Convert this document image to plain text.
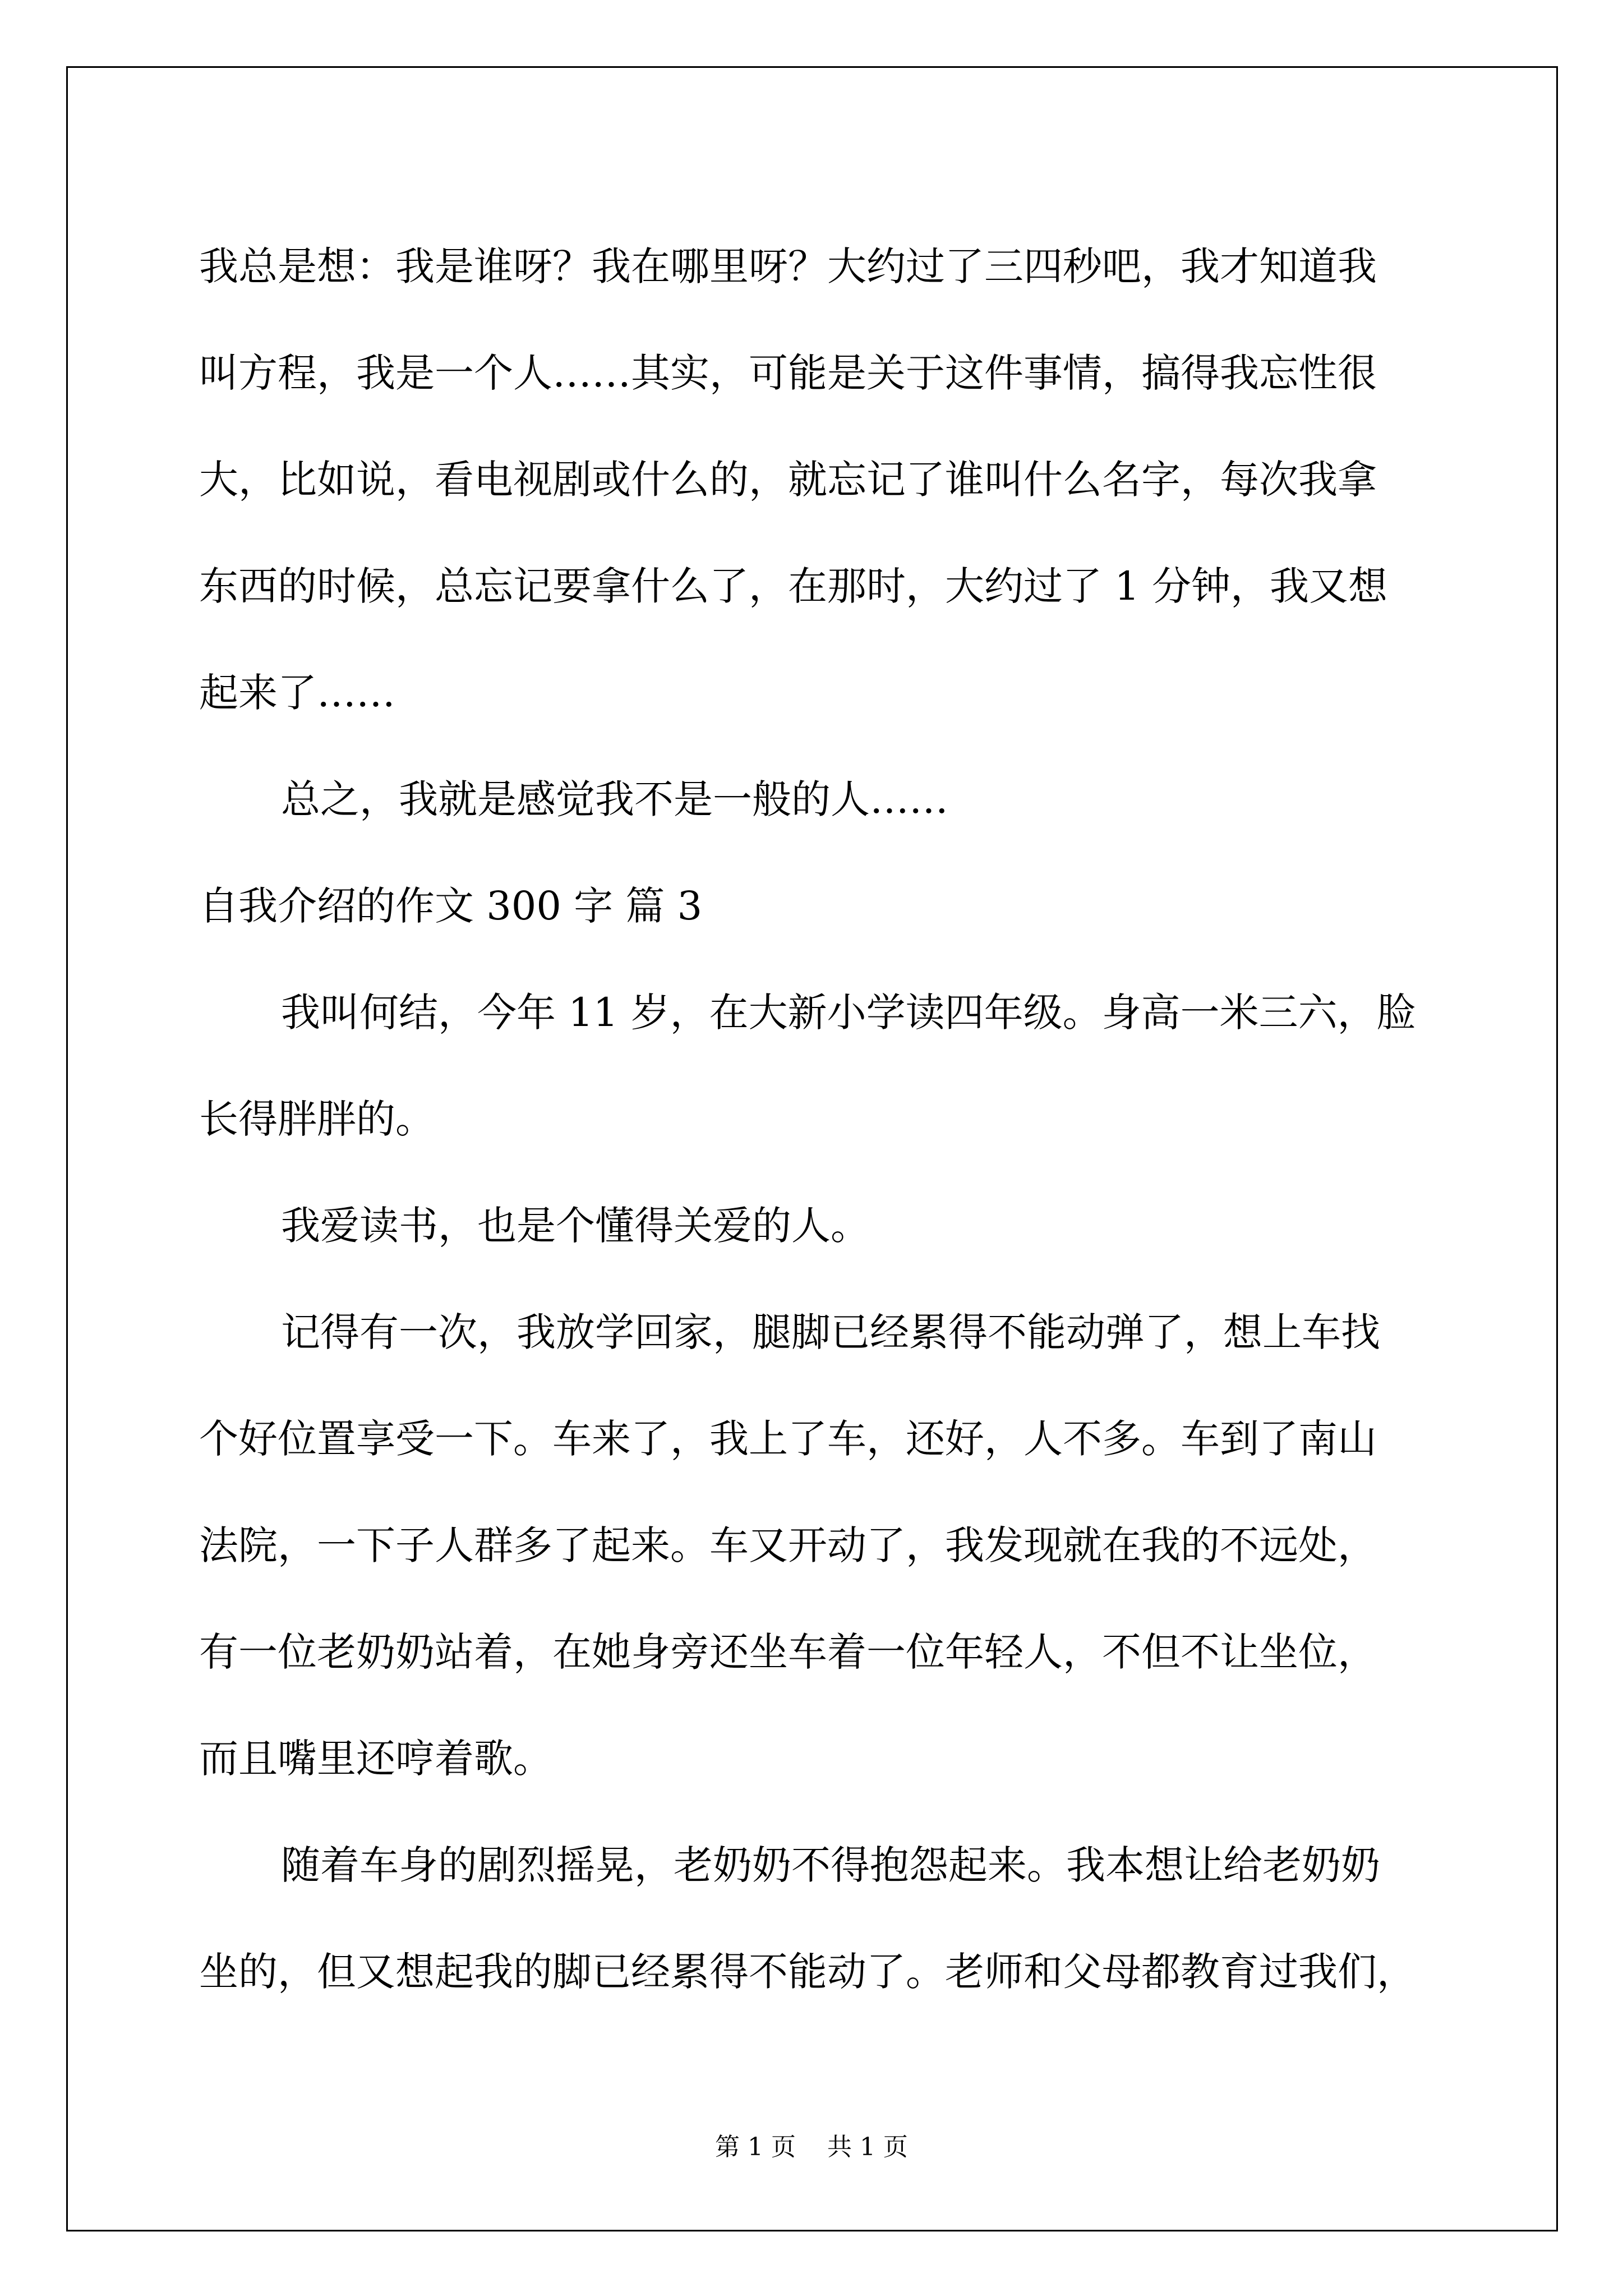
我总是想：我是谁呀？我在哪里呀？大约过了三四秒吧，我才知道我
叫方程，我是一个人……其实，可能是关于这件事情，搞得我忘性很
大，比如说，看电视剧或什么的，就忘记了谁叫什么名字，每次我拿
东西的时候，总忘记要拿什么了，在那时，大约过了 1 分钟，我又想
起来了……
总之，我就是感觉我不是一般的人……
自我介绍的作文 300 字 篇 3
我叫何结，今年 11 岁，在大新小学读四年级。身高一米三六，脸
长得胖胖的。
我爱读书，也是个懂得关爱的人。
记得有一次，我放学回家，腿脚已经累得不能动弹了，想上车找
个好位置享受一下。车来了，我上了车，还好，人不多。车到了南山
法院，一下子人群多了起来。车又开动了，我发现就在我的不远处，
有一位老奶奶站着，在她身旁还坐车着一位年轻人，不但不让坐位，
而且嘴里还哼着歌。
随着车身的剧烈摇晃，老奶奶不得抱怨起来。我本想让给老奶奶
坐的，但又想起我的脚已经累得不能动了。老师和父母都教育过我们，
第 1 页    共 1 页
